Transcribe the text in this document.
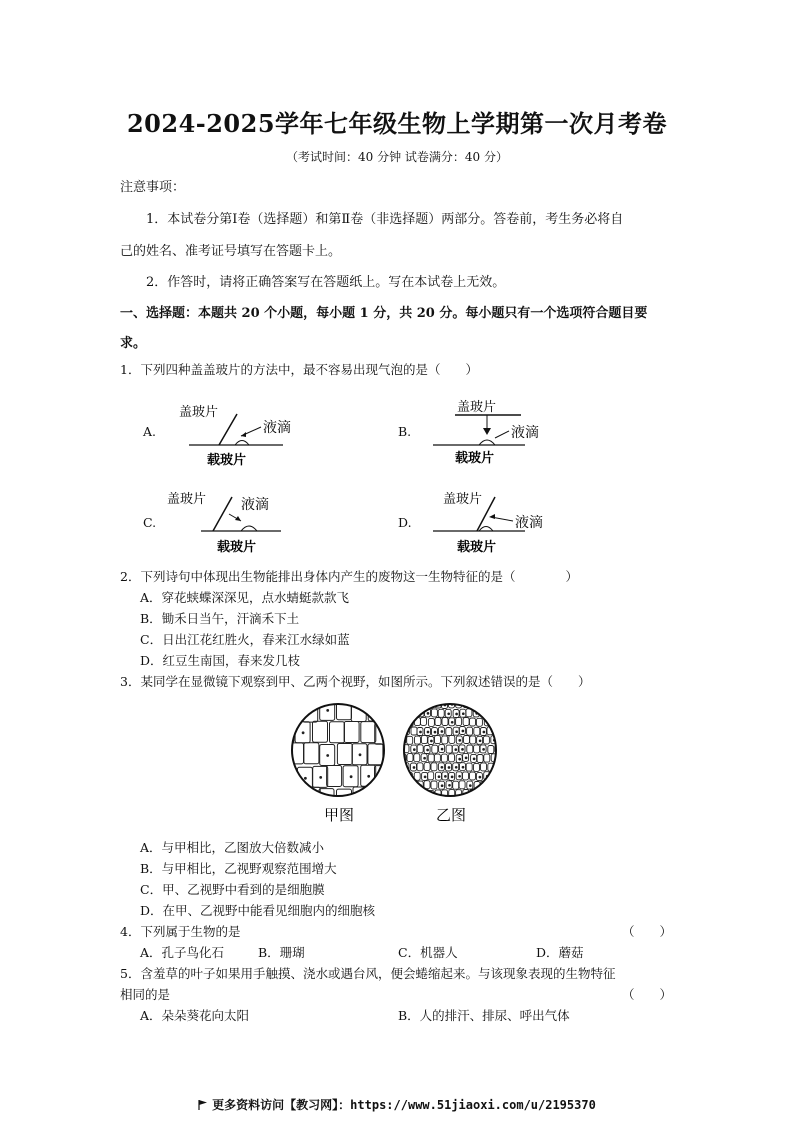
2024-2025学年七年级生物上学期第一次月考卷
（考试时间：40 分钟 试卷满分：40 分）
注意事项：
1．本试卷分第Ⅰ卷（选择题）和第Ⅱ卷（非选择题）两部分。答卷前，考生务必将自
己的姓名、准考证号填写在答题卡上。
2．作答时，请将正确答案写在答题纸上。写在本试卷上无效。
一、选择题：本题共 20 个小题，每小题 1 分，共 20 分。每小题只有一个选项符合题目要
求。
1．下列四种盖盖玻片的方法中，最不容易出现气泡的是（　　）
A.
盖玻片
液滴
载玻片
B.
盖玻片
液滴
载玻片
C.
盖玻片 液滴
载玻片
D.
盖玻片
液滴
载玻片
2．下列诗句中体现出生物能排出身体内产生的废物这一生物特征的是（　　　　）
A．穿花蛱蝶深深见，点水蜻蜓款款飞
B．锄禾日当午，汗滴禾下土
C．日出江花红胜火，春来江水绿如蓝
D．红豆生南国，春来发几枝
3．某同学在显微镜下观察到甲、乙两个视野，如图所示。下列叙述错误的是（　　）
甲图	乙图
A．与甲相比，乙图放大倍数减小
B．与甲相比，乙视野观察范围增大
C．甲、乙视野中看到的是细胞膜
D．在甲、乙视野中能看见细胞内的细胞核
4．下列属于生物的是	（　　）
A．孔子鸟化石	B．珊瑚	C．机器人	D．蘑菇
5．含羞草的叶子如果用手触摸、浇水或遇台风，便会蜷缩起来。与该现象表现的生物特征
相同的是	（　　）
A．朵朵葵花向太阳	B．人的排汗、排尿、呼出气体
更多资料访问【教习网】：https://www.51jiaoxi.com/u/2195370
